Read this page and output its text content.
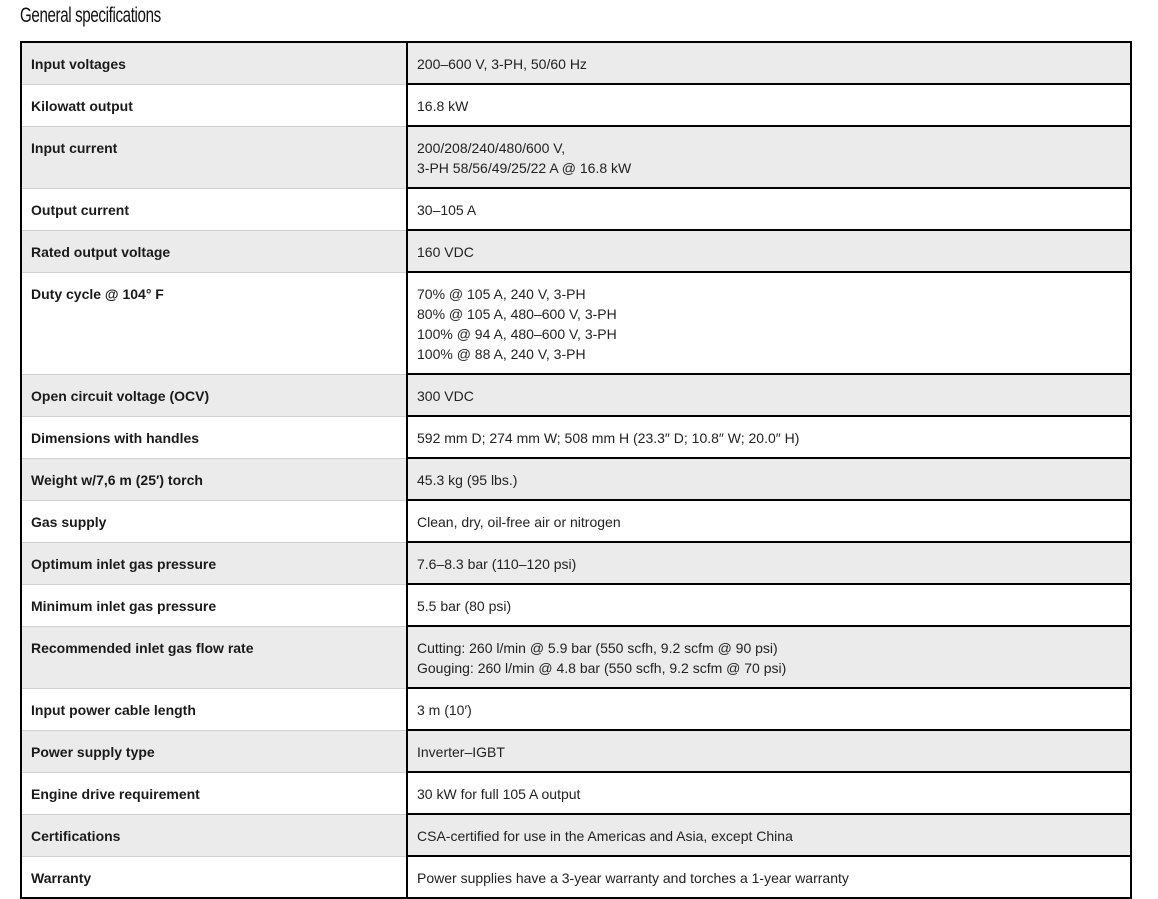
General specifications
Input voltages	200–600 V, 3-PH, 50/60 Hz

Kilowatt output	16.8 kW

Input current	200/208/240/480/600 V,
3-PH 58/56/49/25/22 A @ 16.8 kW

Output current	30–105 A

Rated output voltage	160 VDC

Duty cycle @ 104° F	70% @ 105 A, 240 V, 3-PH
80% @ 105 A, 480–600 V, 3-PH
100% @ 94 A, 480–600 V, 3-PH
100% @ 88 A, 240 V, 3-PH

Open circuit voltage (OCV)	300 VDC

Dimensions with handles	592 mm D; 274 mm W; 508 mm H (23.3″ D; 10.8″ W; 20.0″ H)

Weight w/7,6 m (25′) torch	45.3 kg (95 lbs.)

Gas supply	Clean, dry, oil-free air or nitrogen

Optimum inlet gas pressure	7.6–8.3 bar (110–120 psi)

Minimum inlet gas pressure	5.5 bar (80 psi)

Recommended inlet gas flow rate	Cutting: 260 l/min @ 5.9 bar (550 scfh, 9.2 scfm @ 90 psi)
Gouging: 260 l/min @ 4.8 bar (550 scfh, 9.2 scfm @ 70 psi)

Input power cable length	3 m (10′)

Power supply type	Inverter–IGBT

Engine drive requirement	30 kW for full 105 A output

Certifications	CSA-certified for use in the Americas and Asia, except China

Warranty	Power supplies have a 3-year warranty and torches a 1-year warranty
